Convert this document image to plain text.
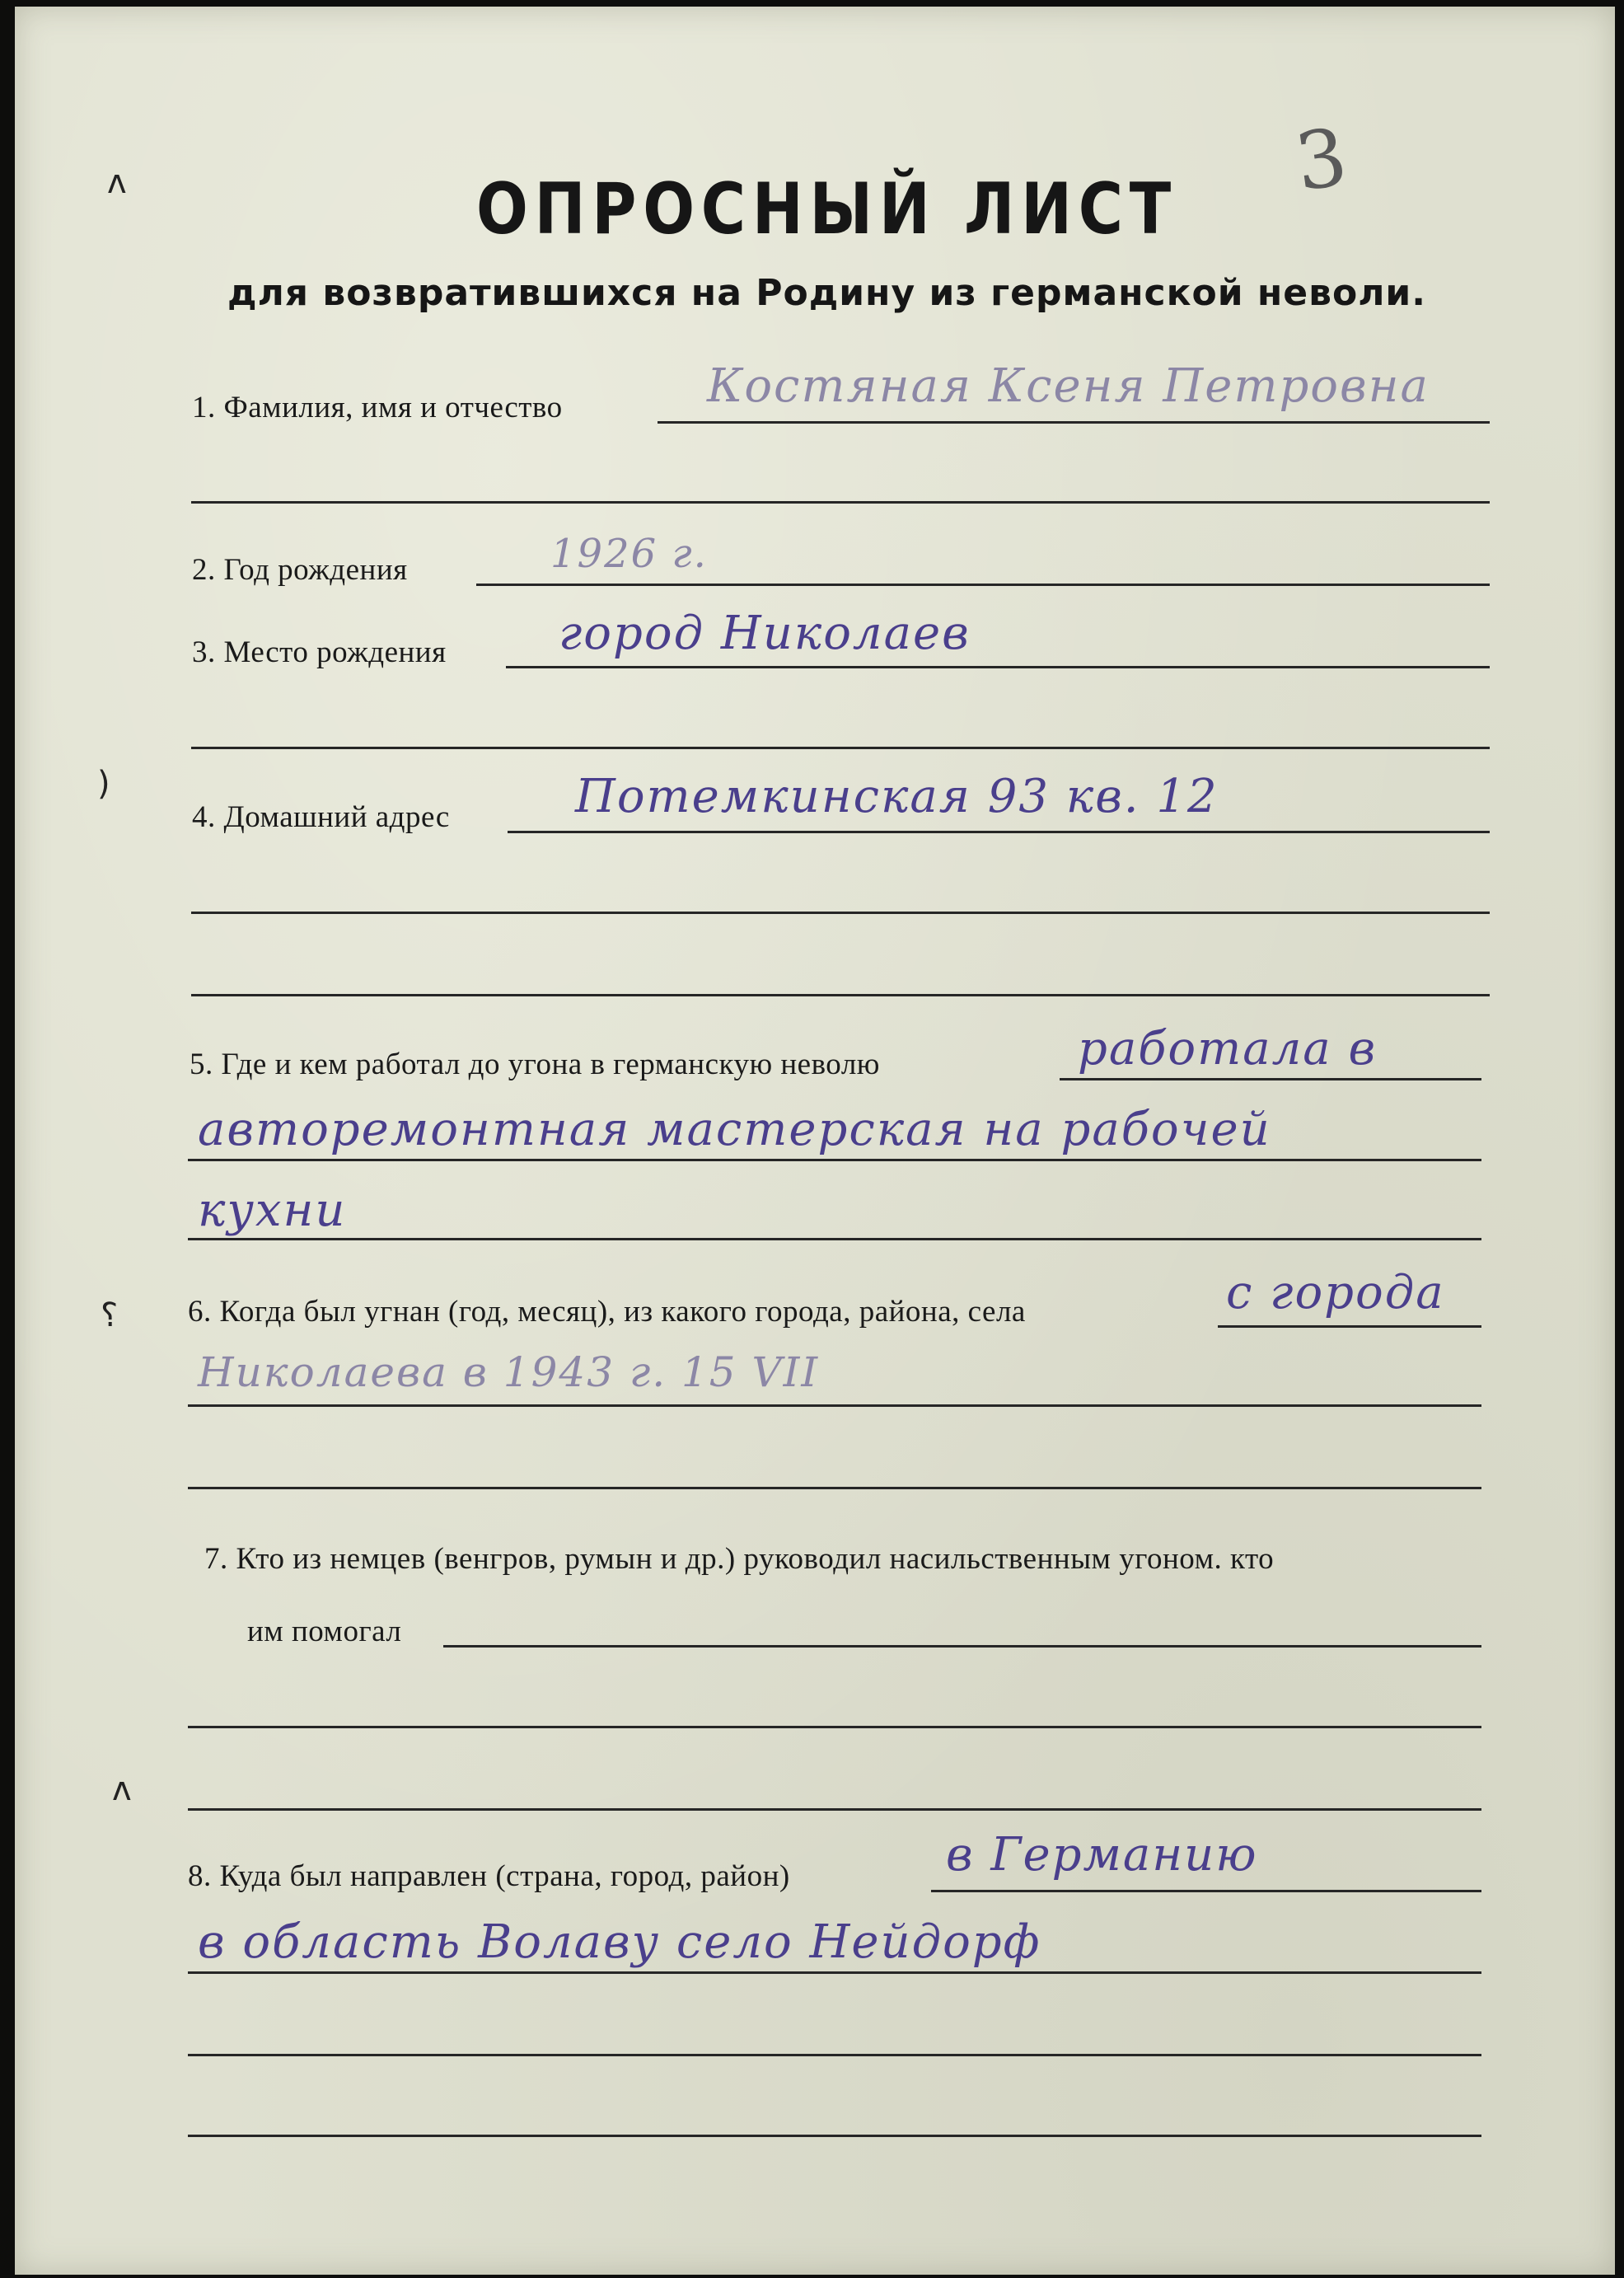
3
ОПРОСНЫЙ ЛИСТ
для возвратившихся на Родину из германской неволи.
ʌ
)
⸮
ʌ
1. Фамилия, имя и отчество	Костяная Ксеня Петровна
2. Год рождения	1926 г.
3. Место рождения город Николаев
4. Домашний адрес	Потемкинская 93 кв. 12
5. Где и кем работал до угона в германскую неволю	работала в
авторемонтная мастерская на рабочей
кухни
6. Когда был угнан (год, месяц), из какого города, района, села	с города
Николаева в 1943 г. 15 VII
7. Кто из немцев (венгров, румын и др.) руководил насильственным угоном. кто
им помогал
8. Куда был направлен (страна, город, район)	в Германию
в область Волаву село Нейдорф
